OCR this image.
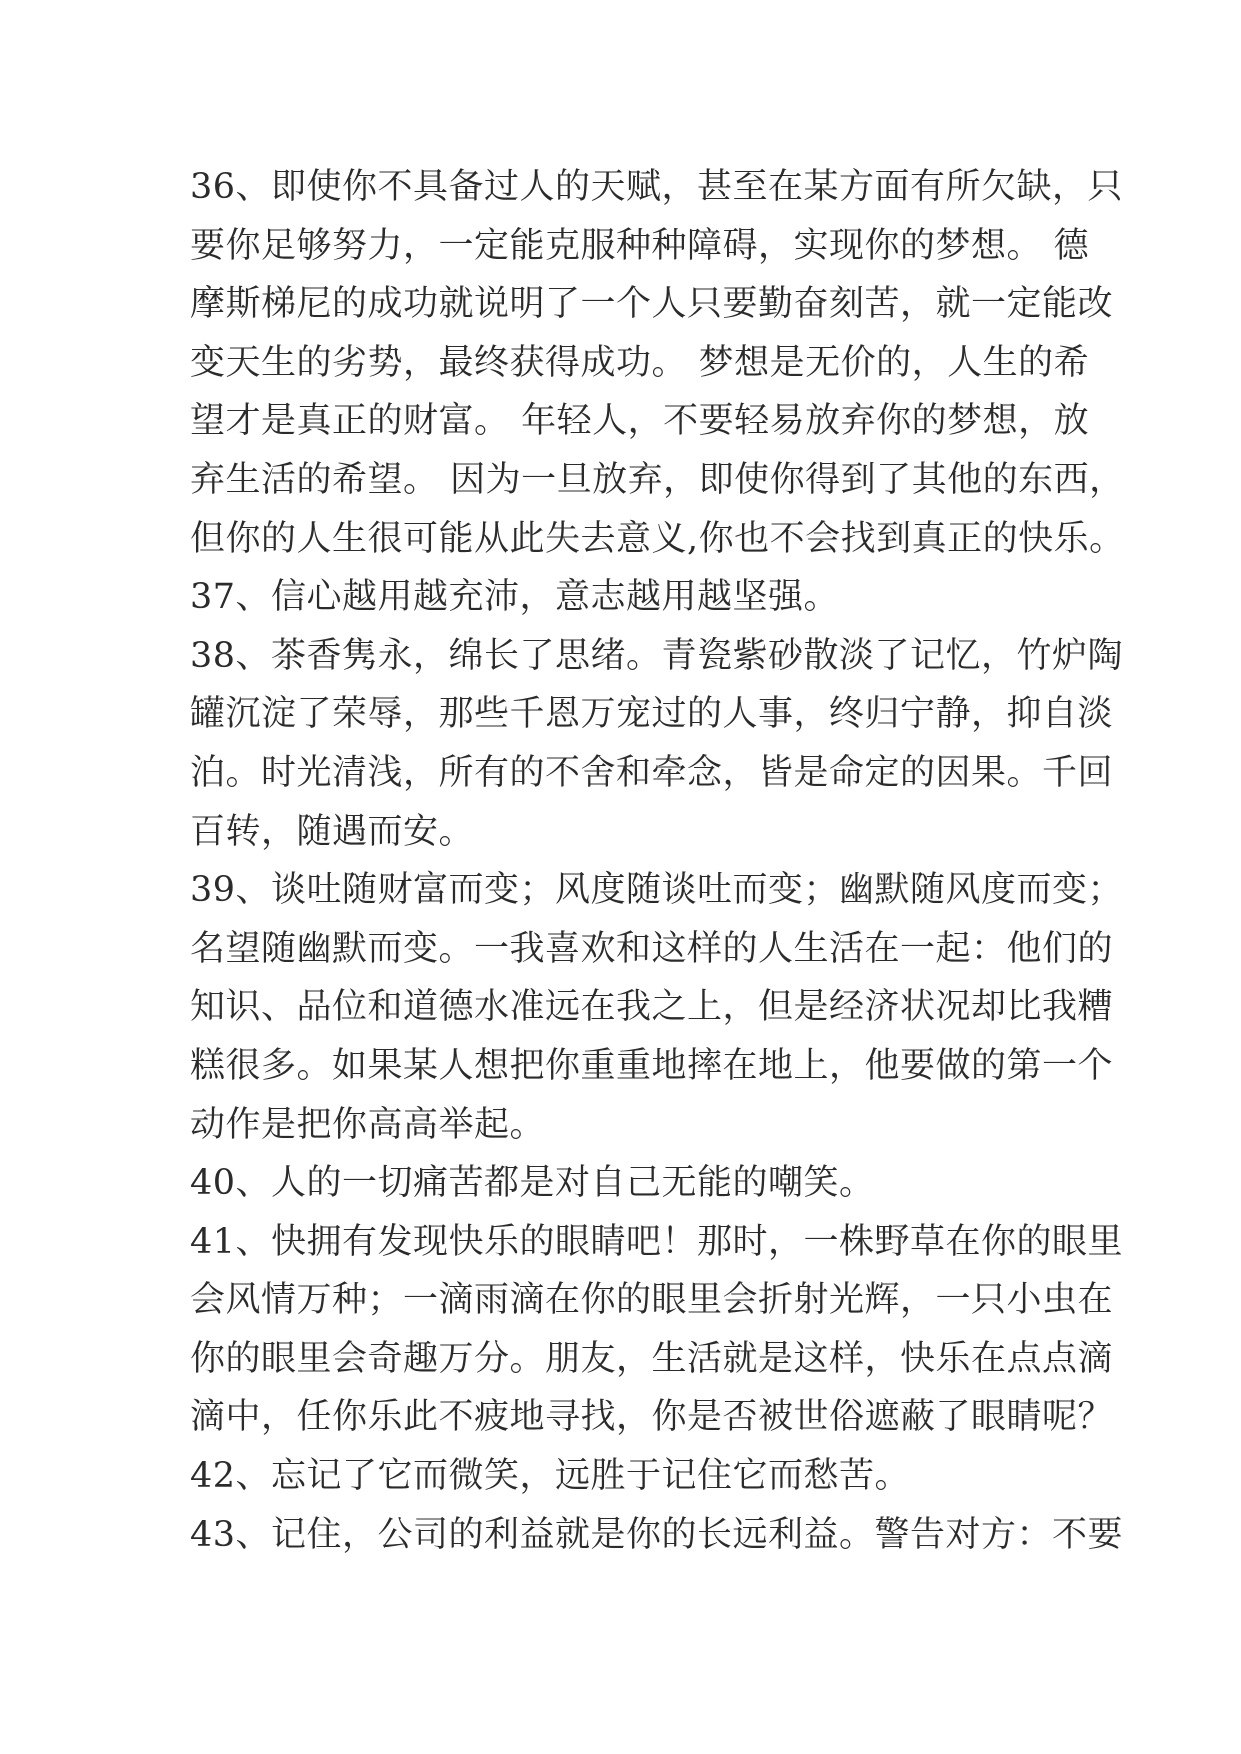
36、即使你不具备过人的天赋，甚至在某方面有所欠缺，只
要你足够努力，一定能克服种种障碍，实现你的梦想。 德
摩斯梯尼的成功就说明了一个人只要勤奋刻苦，就一定能改
变天生的劣势，最终获得成功。 梦想是无价的，人生的希
望才是真正的财富。 年轻人，不要轻易放弃你的梦想，放
弃生活的希望。 因为一旦放弃，即使你得到了其他的东西，
但你的人生很可能从此失去意义,你也不会找到真正的快乐。
37、信心越用越充沛，意志越用越坚强。
38、茶香隽永，绵长了思绪。青瓷紫砂散淡了记忆，竹炉陶
罐沉淀了荣辱，那些千恩万宠过的人事，终归宁静，抑自淡
泊。时光清浅，所有的不舍和牵念，皆是命定的因果。千回
百转，随遇而安。
39、谈吐随财富而变；风度随谈吐而变；幽默随风度而变；
名望随幽默而变。一我喜欢和这样的人生活在一起：他们的
知识、品位和道德水准远在我之上，但是经济状况却比我糟
糕很多。如果某人想把你重重地摔在地上，他要做的第一个
动作是把你高高举起。
40、人的一切痛苦都是对自己无能的嘲笑。
41、快拥有发现快乐的眼睛吧！那时，一株野草在你的眼里
会风情万种；一滴雨滴在你的眼里会折射光辉，一只小虫在
你的眼里会奇趣万分。朋友，生活就是这样，快乐在点点滴
滴中，任你乐此不疲地寻找，你是否被世俗遮蔽了眼睛呢？
42、忘记了它而微笑，远胜于记住它而愁苦。
43、记住，公司的利益就是你的长远利益。警告对方：不要
